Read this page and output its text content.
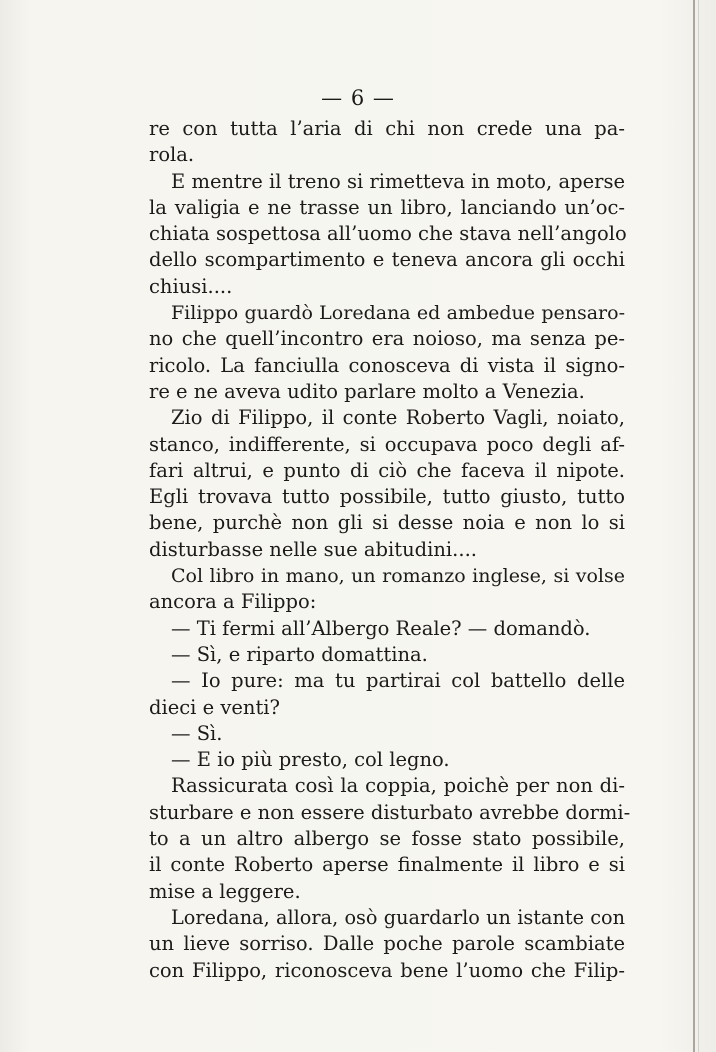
— 6 —
re con tutta l’aria di chi non crede una pa-
rola.
E mentre il treno si rimetteva in moto, aperse
la valigia e ne trasse un libro, lanciando un’oc-
chiata sospettosa all’uomo che stava nell’angolo
dello scompartimento e teneva ancora gli occhi
chiusi....
Filippo guardò Loredana ed ambedue pensaro-
no che quell’incontro era noioso, ma senza pe-
ricolo. La fanciulla conosceva di vista il signo-
re e ne aveva udito parlare molto a Venezia.
Zio di Filippo, il conte Roberto Vagli, noiato,
stanco, indifferente, si occupava poco degli af-
fari altrui, e punto di ciò che faceva il nipote.
Egli trovava tutto possibile, tutto giusto, tutto
bene, purchè non gli si desse noia e non lo si
disturbasse nelle sue abitudini....
Col libro in mano, un romanzo inglese, si volse
ancora a Filippo:
— Ti fermi all’Albergo Reale? — domandò.
— Sì, e riparto domattina.
— Io pure: ma tu partirai col battello delle
dieci e venti?
— Sì.
— E io più presto, col legno.
Rassicurata così la coppia, poichè per non di-
sturbare e non essere disturbato avrebbe dormi-
to a un altro albergo se fosse stato possibile,
il conte Roberto aperse finalmente il libro e si
mise a leggere.
Loredana, allora, osò guardarlo un istante con
un lieve sorriso. Dalle poche parole scambiate
con Filippo, riconosceva bene l’uomo che Filip-
